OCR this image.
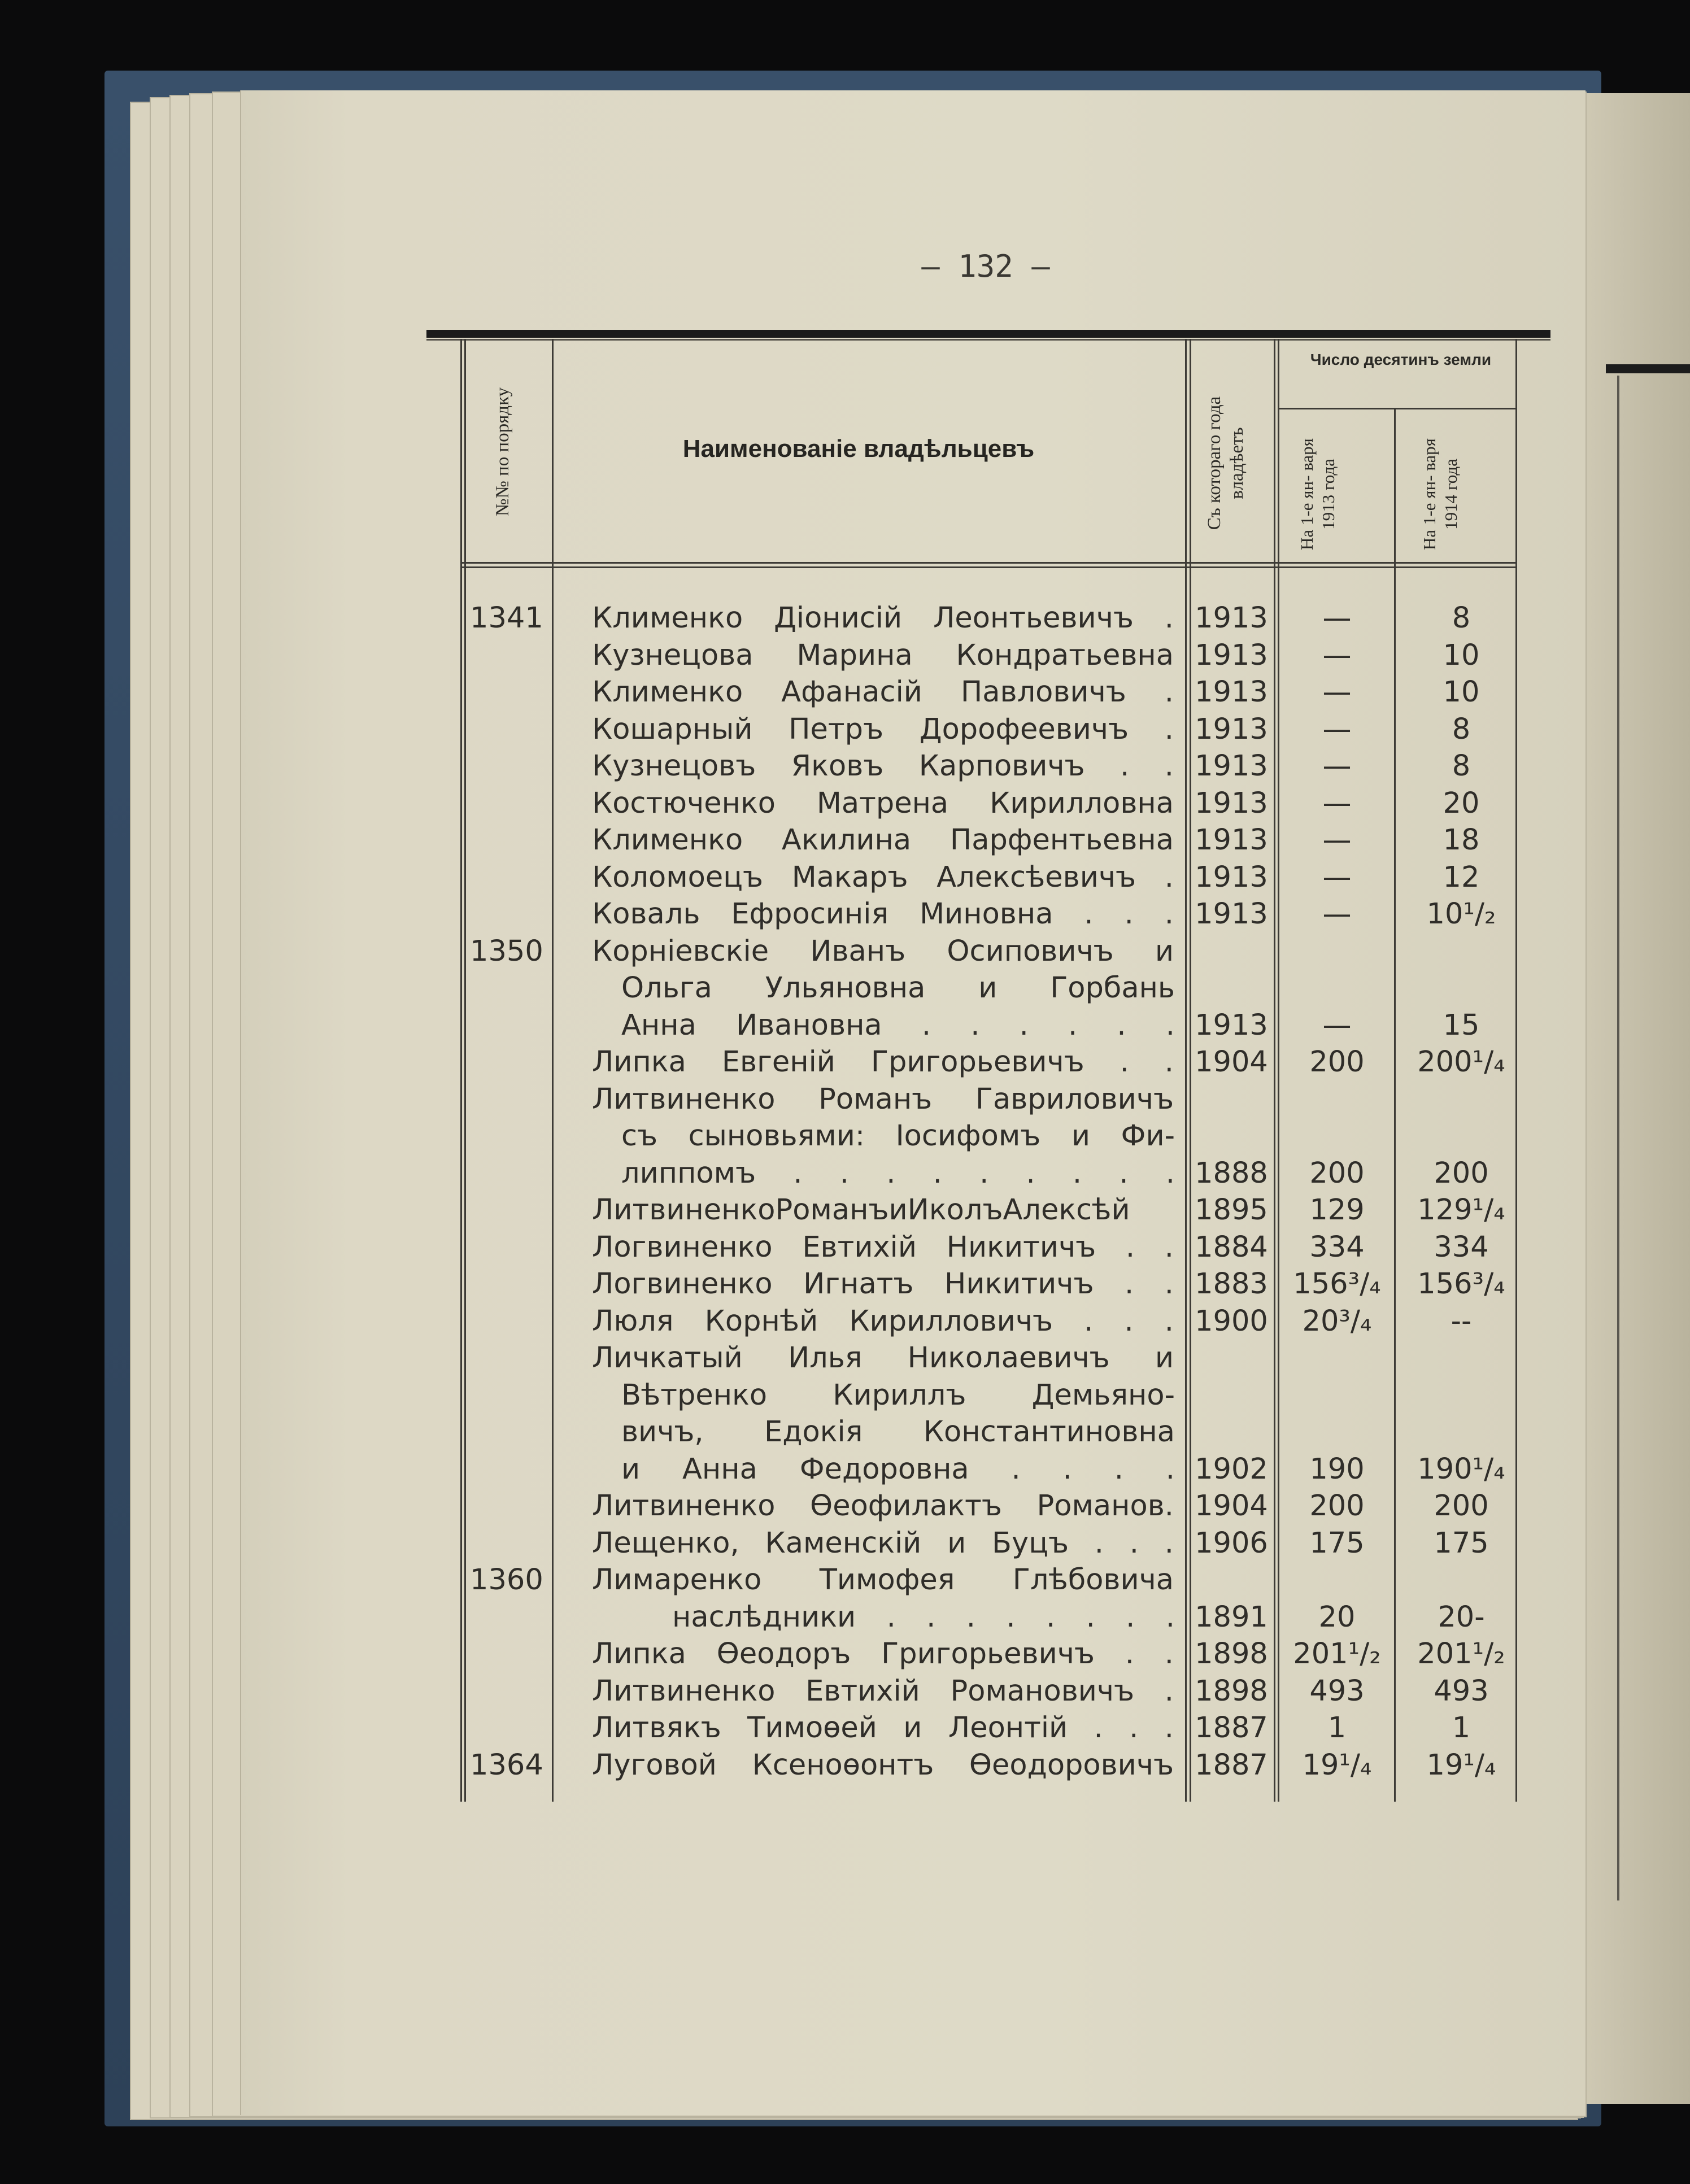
— 132 —
№№ по порядку	Наименованіе владѣльцевъ	Съ котораго года владѣетъ
Число десятинъ земли
На 1-е ян- варя 1913 года	На 1-е ян- варя 1914 года
1341 Клименко Діонисій Леонтьевичъ . 1913	—	8
Кузнецова Марина Кондратьевна 1913	—	10
Клименко Афанасій Павловичъ . 1913	—	10
Кошарный Петръ Дорофеевичъ . 1913	—	8
Кузнецовъ Яковъ Карповичъ . . 1913	—	8
Костюченко Матрена Кирилловна 1913	—	20
Клименко Акилина Парфентьевна 1913	—	18
Коломоецъ Макаръ Алексѣевичъ . 1913	—	12
Коваль Ефросинія Миновна . . . 1913	—	10¹/₂
1350 Корніевскіе Иванъ Осиповичъ и
Ольга Ульяновна и Горбань
Анна Ивановна . . . . . . 1913	—	15
Липка Евгеній Григорьевичъ . . 1904	200	200¹/₄
Литвиненко Романъ Гавриловичъ
съ сыновьями: Іосифомъ и Фи-
липпомъ . . . . . . . . . 1888	200	200
ЛитвиненкоРоманъиИколъАлексѣй	1895	129	129¹/₄
Логвиненко Евтихій Никитичъ . . 1884	334	334
Логвиненко Игнатъ Никитичъ . . 1883 156³/₄	156³/₄
Люля Корнѣй Кирилловичъ . . . 1900	20³/₄	--
Личкатый Илья Николаевичъ и
Вѣтренко Кириллъ Демьяно-
вичъ, Едокія Константиновна
и Анна Федоровна . . . . 1902	190	190¹/₄
Литвиненко Ѳеофилактъ Романов. 1904	200	200
Лещенко, Каменскій и Буцъ . . . 1906	175	175
1360 Лимаренко Тимофея Глѣбовича
наслѣдники . . . . . . . . 1891	20	20-
Липка Ѳеодоръ Григорьевичъ . . 1898 201¹/₂	201¹/₂
Литвиненко Евтихій Романовичъ . 1898	493	493
Литвякъ Тимоѳей и Леонтій . . . 1887	1	1
1364 Луговой Ксеноѳонтъ Ѳеодоровичъ 1887	19¹/₄	19¹/₄
